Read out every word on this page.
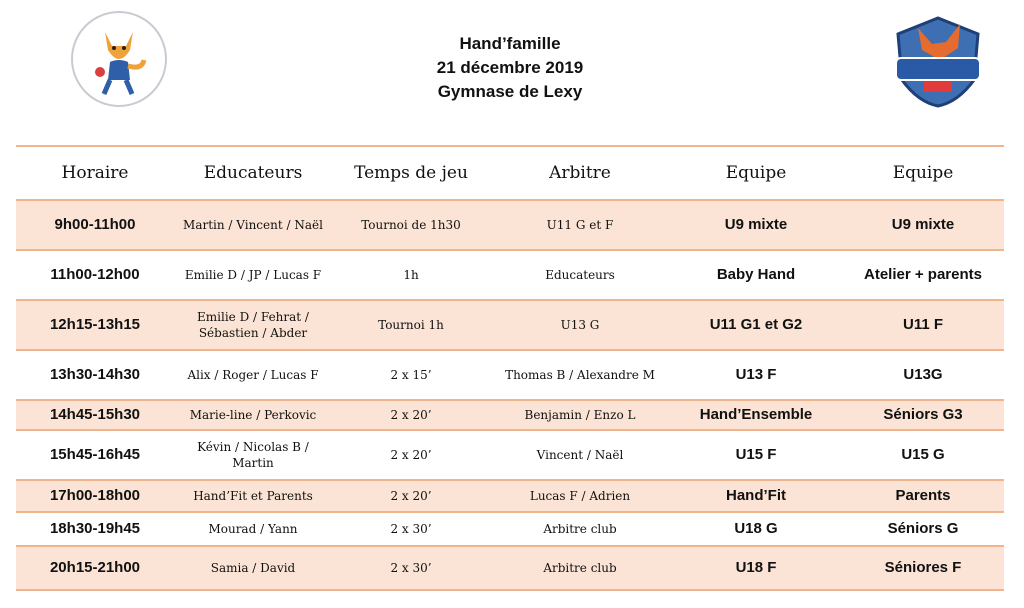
Hand’famille
21 décembre 2019
Gymnase de Lexy
Horaire	Educateurs	Temps de jeu	Arbitre	Equipe	Equipe
9h00-11h00	Martin / Vincent / Naël	Tournoi de 1h30	U11 G et F	U9 mixte	U9 mixte
11h00-12h00	Emilie D / JP / Lucas F	1h	Educateurs	Baby Hand	Atelier + parents
12h15-13h15	Emilie D / Fehrat / Sébastien / Abder	Tournoi 1h	U13 G	U11 G1 et G2	U11 F
13h30-14h30	Alix / Roger / Lucas F	2 x 15’	Thomas B / Alexandre M	U13 F	U13G
14h45-15h30	Marie-line / Perkovic	2 x 20’	Benjamin / Enzo L	Hand’Ensemble	Séniors G3
15h45-16h45	Kévin / Nicolas B / Martin	2 x 20’	Vincent / Naël	U15 F	U15 G
17h00-18h00	Hand’Fit et Parents	2 x 20’	Lucas F / Adrien	Hand’Fit	Parents
18h30-19h45	Mourad / Yann	2 x 30’	Arbitre club	U18 G	Séniors G
20h15-21h00	Samia / David	2 x 30’	Arbitre club	U18 F	Séniores F
